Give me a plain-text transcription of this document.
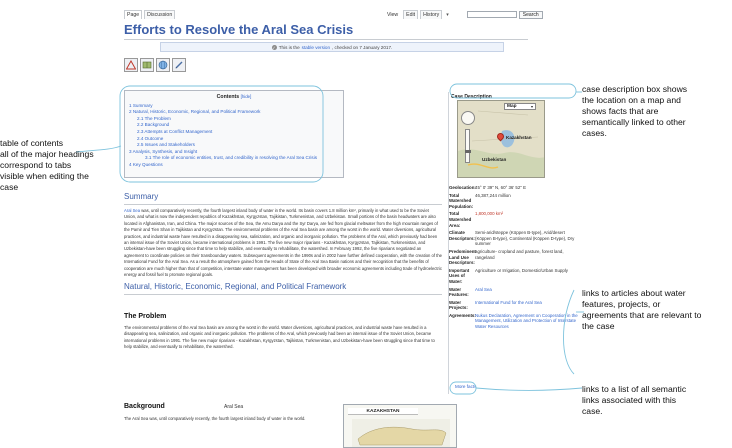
Page	Discussion	View	Edit	History	▾	Search
Efforts to Resolve the Aral Sea Crisis
✓ This is the stable version , checked on 7 January 2017.
Contents [hide]
1 Summary
2 Natural, Historic, Economic, Regional, and Political Framework
2.1 The Problem
2.2 Background
2.3 Attempts at Conflict Management
2.4 Outcome
2.5 Issues and Stakeholders
3 Analysis, Synthesis, and Insight
3.1 The role of economic entities, trust, and credibility in resolving the Aral Sea Crisis
4 Key Questions
Summary
Aral Sea was, until comparatively recently, the fourth largest inland body of water in the world. Its basin covers 1.8 million km², primarily in what used to be the Soviet Union, and what is now the independent republics of Kazakhstan, Kyrgyzstan, Tajikistan, Turkmenistan, and Uzbekistan. Small portions of the basin headwaters are also located in Afghanistan, Iran, and China. The major sources of the Sea, the Amu Darya and the Syr Darya, are fed from glacial meltwater from the high mountain ranges of the Pamir and Tien Shan in Tajikistan and Kyrgyzstan. The environmental problems of the Aral Sea basin are among the worst in the world. Water diversions, agricultural practices, and industrial waste have resulted in a disappearing sea, salinization, and organic and inorganic pollution. The problems of the Aral, which previously had been an internal issue of the Soviet Union, became international problems in 1991. The five new major riparians - Kazakhstan, Kyrgyzstan, Tajikistan, Turkmenistan, and Uzbekistan-have been struggling since that time to help stabilize, and eventually to rehabilitate, the watershed. In February 1992, the five riparians negotiated an agreement to coordinate policies on their transboundary waters. Subsequent agreements in the 1990s and in 2002 have further defined cooperation, with the creation of the International Fund for the Aral Sea. As a result the atmosphere gained from the Heads of State of the Aral Sea Basin nations and their recognition that the benefits of cooperation are much higher than that of competition, interstate water management has been developed with broader economic agreements including trade of hydroelectric energy and fossil fuel to promote regional goals.
Natural, Historic, Economic, Regional, and Political Framework
The Problem
The environmental problems of the Aral Sea basin are among the worst in the world. Water diversions, agricultural practices, and industrial waste have resulted in a disappearing sea, salinization, and organic and inorganic pollution. The problems of the Aral, which previously had been an internal issue of the Soviet Union, became international problems in 1991. The five new major riparians - Kazakhstan, Kyrgyzstan, Tajikistan, Turkmenistan, and Uzbekistan-have been struggling since that time to help stabilize, and eventually to rehabilitate, the watershed.
Background
The Aral Sea was, until comparatively recently, the fourth largest inland body of water in the world.
Case Description
Map	▾
Kazakhstan
Uzbekistan
Geolocation: 45° 0' 39" N, 60° 36' 52" E
Total Watershed Population:
46,387,244 million
Total Watershed Area:
1,800,000 km²
Climate Descriptors:
Semi-arid/steppe (Köppen B-type), Arid/desert (Köppen B-type), Continental (Köppen D-type), Dry summer
Predominent Land Use Descriptors:
agriculture- cropland and pasture, forest land, rangeland
Important Uses of Water:
Agriculture or Irrigation, Domestic/Urban Supply
Water Features:
Aral Sea
Water Projects:
International Fund for the Aral Sea
Agreements: Nukus Declaration, Agreement on Cooperation in the Management, Utilization and Protection of Interstate Water Resources
More facts
Aral Sea
KAZAKHSTAN
table of contents
all of the major headings
correspond to tabs
visible when editing the
case
case description box shows
the location on a map and
shows facts that are
semantically linked to other
cases.
links to articles about water
features, projects, or
agreements that are relevant to
the case
links to a list of all semantic
links associated with this
case.
